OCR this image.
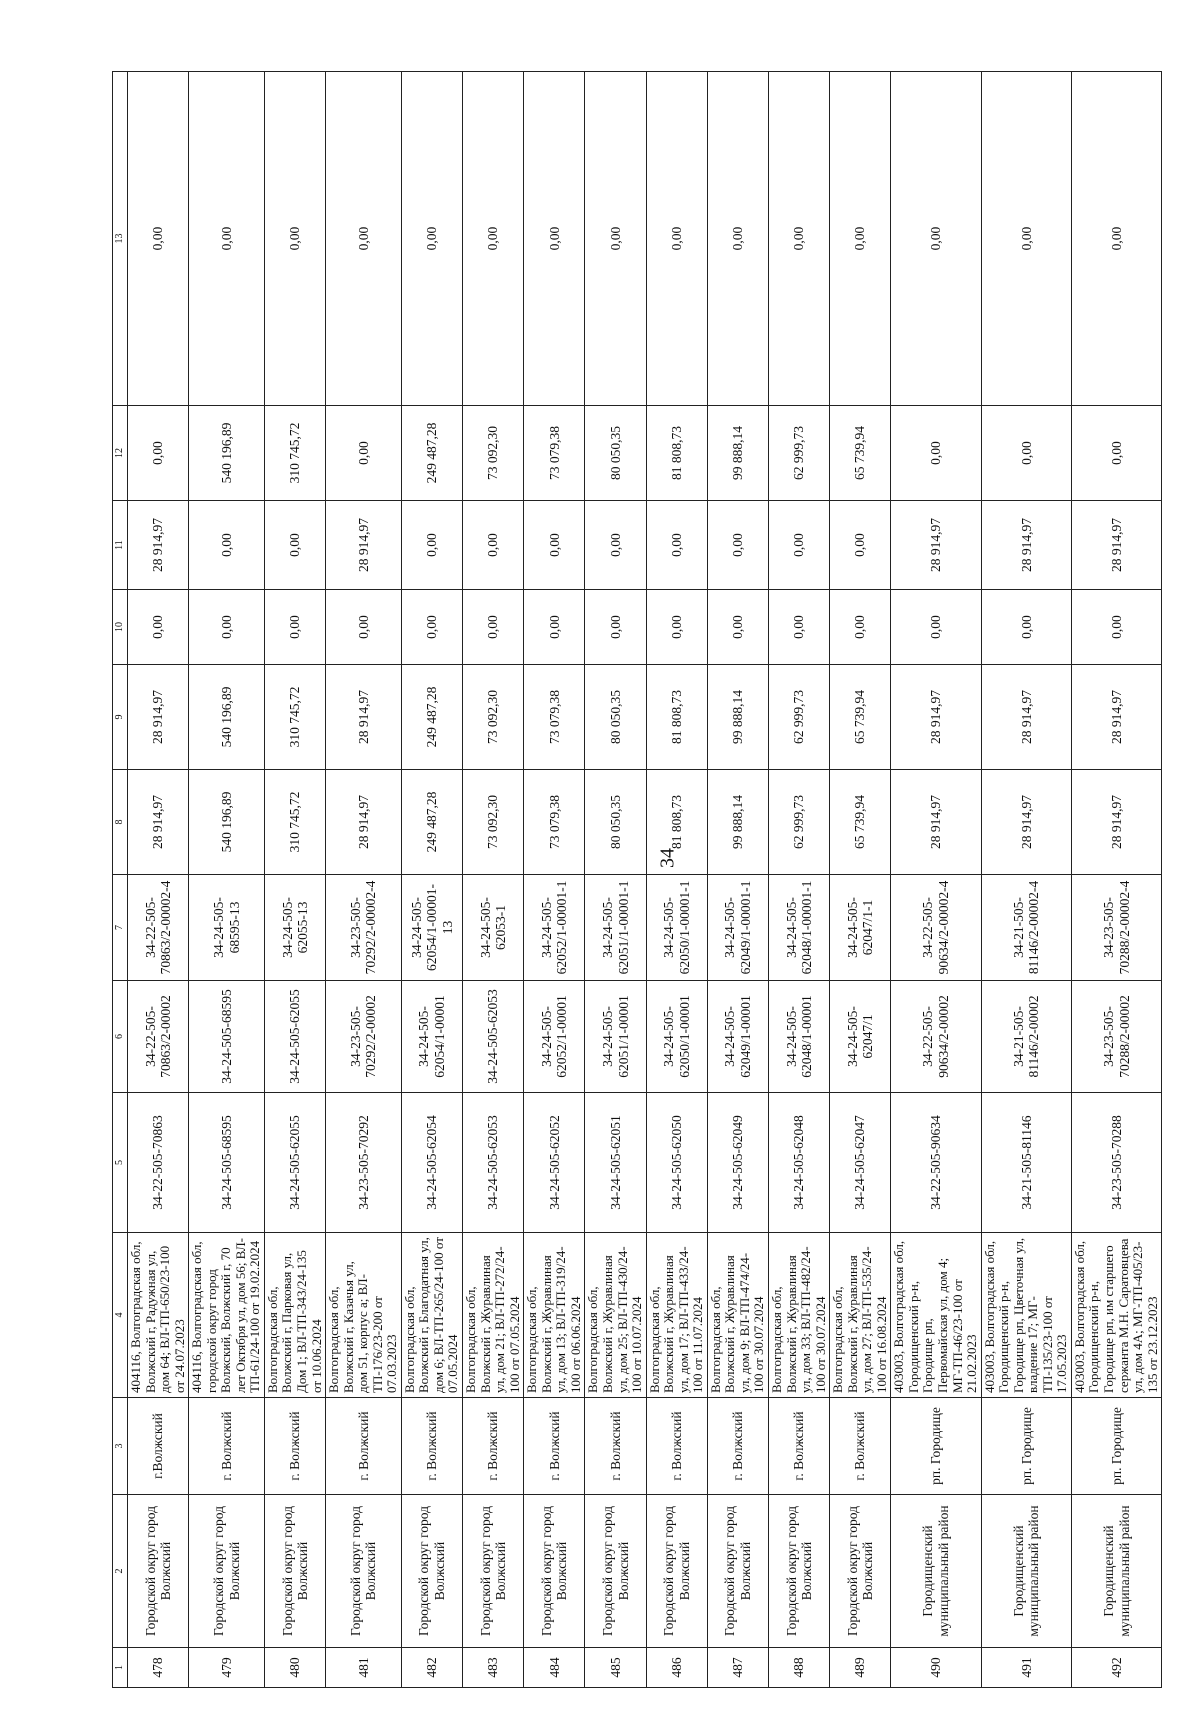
34
1	2	3	4	5	6	7	8	9	10	11	12	13
478	Городской округ город Волжский	г.Волжский	404116, Волгоградская обл, Волжский г, Радужная ул, дом 64; ВЛ-ТП-650/23-100 от 24.07.2023	34-22-505-70863	34-22-505-70863/2-00002	34-22-505-70863/2-00002-4	28 914,97	28 914,97	0,00	28 914,97	0,00	0,00
479	Городской округ город Волжский	г. Волжский	404116, Волгоградская обл, городской округ город Волжский, Волжский г, 70 лет Октября ул, дом 56; ВЛ-ТП-61/24-100 от 19.02.2024	34-24-505-68595	34-24-505-68595	34-24-505-68595-13	540 196,89	540 196,89	0,00	0,00	540 196,89	0,00
480	Городской округ город Волжский	г. Волжский	Волгоградская обл, Волжский г, Парковая ул, Дом 1; ВЛ-ТП-343/24-135 от 10.06.2024	34-24-505-62055	34-24-505-62055	34-24-505-62055-13	310 745,72	310 745,72	0,00	0,00	310 745,72	0,00
481	Городской округ город Волжский	г. Волжский	Волгоградская обл, Волжский г, Казачья ул, дом 51, корпус а; ВЛ-ТП-176/23-200 от 07.03.2023	34-23-505-70292	34-23-505-70292/2-00002	34-23-505-70292/2-00002-4	28 914,97	28 914,97	0,00	28 914,97	0,00	0,00
482	Городской округ город Волжский	г. Волжский	Волгоградская обл, Волжский г, Благодатная ул, дом 6; ВЛ-ТП-265/24-100 от 07.05.2024	34-24-505-62054	34-24-505-62054/1-00001	34-24-505-62054/1-00001-13	249 487,28	249 487,28	0,00	0,00	249 487,28	0,00
483	Городской округ город Волжский	г. Волжский	Волгоградская обл, Волжский г, Журавлиная ул, дом 21; ВЛ-ТП-272/24-100 от 07.05.2024	34-24-505-62053	34-24-505-62053	34-24-505-62053-1	73 092,30	73 092,30	0,00	0,00	73 092,30	0,00
484	Городской округ город Волжский	г. Волжский	Волгоградская обл, Волжский г, Журавлиная ул, дом 13; ВЛ-ТП-319/24-100 от 06.06.2024	34-24-505-62052	34-24-505-62052/1-00001	34-24-505-62052/1-00001-1	73 079,38	73 079,38	0,00	0,00	73 079,38	0,00
485	Городской округ город Волжский	г. Волжский	Волгоградская обл, Волжский г, Журавлиная ул, дом 25; ВЛ-ТП-430/24-100 от 10.07.2024	34-24-505-62051	34-24-505-62051/1-00001	34-24-505-62051/1-00001-1	80 050,35	80 050,35	0,00	0,00	80 050,35	0,00
486	Городской округ город Волжский	г. Волжский	Волгоградская обл, Волжский г, Журавлиная ул, дом 17; ВЛ-ТП-433/24-100 от 11.07.2024	34-24-505-62050	34-24-505-62050/1-00001	34-24-505-62050/1-00001-1	81 808,73	81 808,73	0,00	0,00	81 808,73	0,00
487	Городской округ город Волжский	г. Волжский	Волгоградская обл, Волжский г, Журавлиная ул, дом 9; ВЛ-ТП-474/24-100 от 30.07.2024	34-24-505-62049	34-24-505-62049/1-00001	34-24-505-62049/1-00001-1	99 888,14	99 888,14	0,00	0,00	99 888,14	0,00
488	Городской округ город Волжский	г. Волжский	Волгоградская обл, Волжский г, Журавлиная ул, дом 33; ВЛ-ТП-482/24-100 от 30.07.2024	34-24-505-62048	34-24-505-62048/1-00001	34-24-505-62048/1-00001-1	62 999,73	62 999,73	0,00	0,00	62 999,73	0,00
489	Городской округ город Волжский	г. Волжский	Волгоградская обл, Волжский г, Журавлиная ул, дом 27; ВЛ-ТП-535/24-100 от 16.08.2024	34-24-505-62047	34-24-505-62047/1	34-24-505-62047/1-1	65 739,94	65 739,94	0,00	0,00	65 739,94	0,00
490	Городищенский муниципальный район	рп. Городище	403003, Волгоградская обл, Городищенский р-н, Городище рп, Первомайская ул, дом 4; МГ-ТП-46/23-100 от 21.02.2023	34-22-505-90634	34-22-505-90634/2-00002	34-22-505-90634/2-00002-4	28 914,97	28 914,97	0,00	28 914,97	0,00	0,00
491	Городищенский муниципальный район	рп. Городище	403003, Волгоградская обл, Городищенский р-н, Городище рп, Цветочная ул, владение 17; МГ-ТП-135/23-100 от 17.05.2023	34-21-505-81146	34-21-505-81146/2-00002	34-21-505-81146/2-00002-4	28 914,97	28 914,97	0,00	28 914,97	0,00	0,00
492	Городищенский муниципальный район	рп. Городище	403003, Волгоградская обл, Городищенский р-н, Городище рп, им старшего сержанта М.Н. Саратовцева ул, дом 4А; МГ-ТП-405/23-135 от 23.12.2023	34-23-505-70288	34-23-505-70288/2-00002	34-23-505-70288/2-00002-4	28 914,97	28 914,97	0,00	28 914,97	0,00	0,00
